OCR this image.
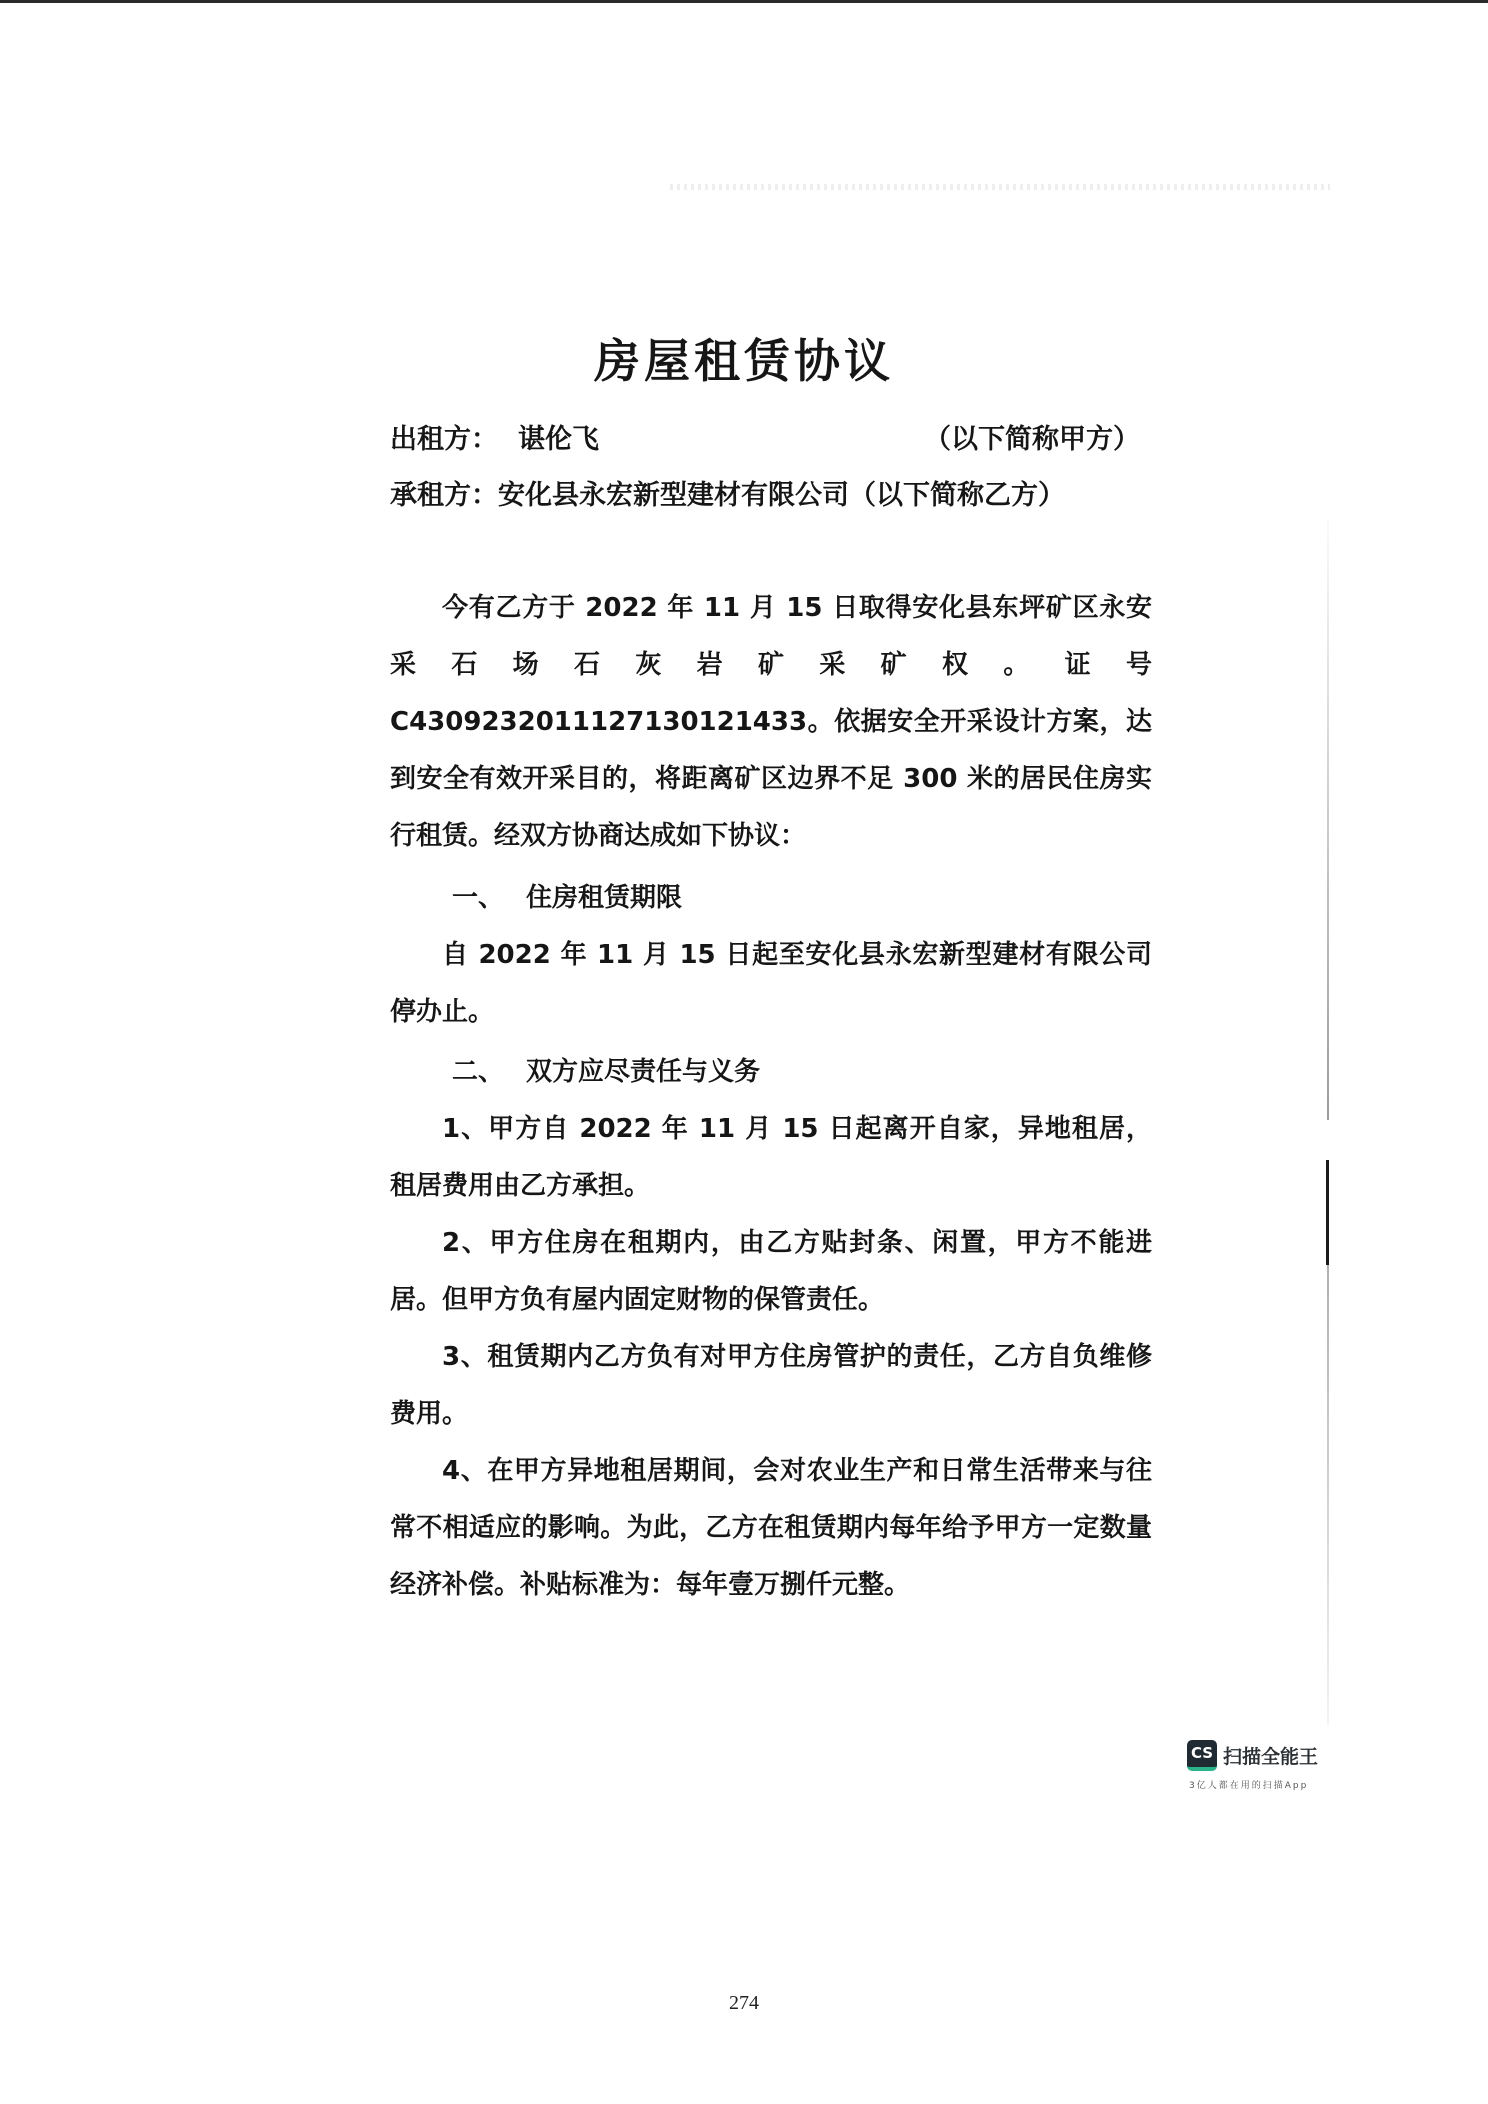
房屋租赁协议
出租方： 谌伦飞	（以下简称甲方）
承租方：安化县永宏新型建材有限公司（以下简称乙方）
今有乙方于 2022 年 11 月 15 日取得安化县东坪矿区永安采石场石灰岩矿采矿权。证号 C4309232011127130121433。依据安全开采设计方案，达到安全有效开采目的，将距离矿区边界不足 300 米的居民住房实行租赁。经双方协商达成如下协议：
一、 住房租赁期限
自 2022 年 11 月 15 日起至安化县永宏新型建材有限公司停办止。
二、 双方应尽责任与义务
1、甲方自 2022 年 11 月 15 日起离开自家，异地租居，租居费用由乙方承担。
2、甲方住房在租期内，由乙方贴封条、闲置，甲方不能进居。但甲方负有屋内固定财物的保管责任。
3、租赁期内乙方负有对甲方住房管护的责任，乙方自负维修费用。
4、在甲方异地租居期间，会对农业生产和日常生活带来与往常不相适应的影响。为此，乙方在租赁期内每年给予甲方一定数量经济补偿。补贴标准为：每年壹万捌仟元整。
CS 扫描全能王
3亿人都在用的扫描App
274
